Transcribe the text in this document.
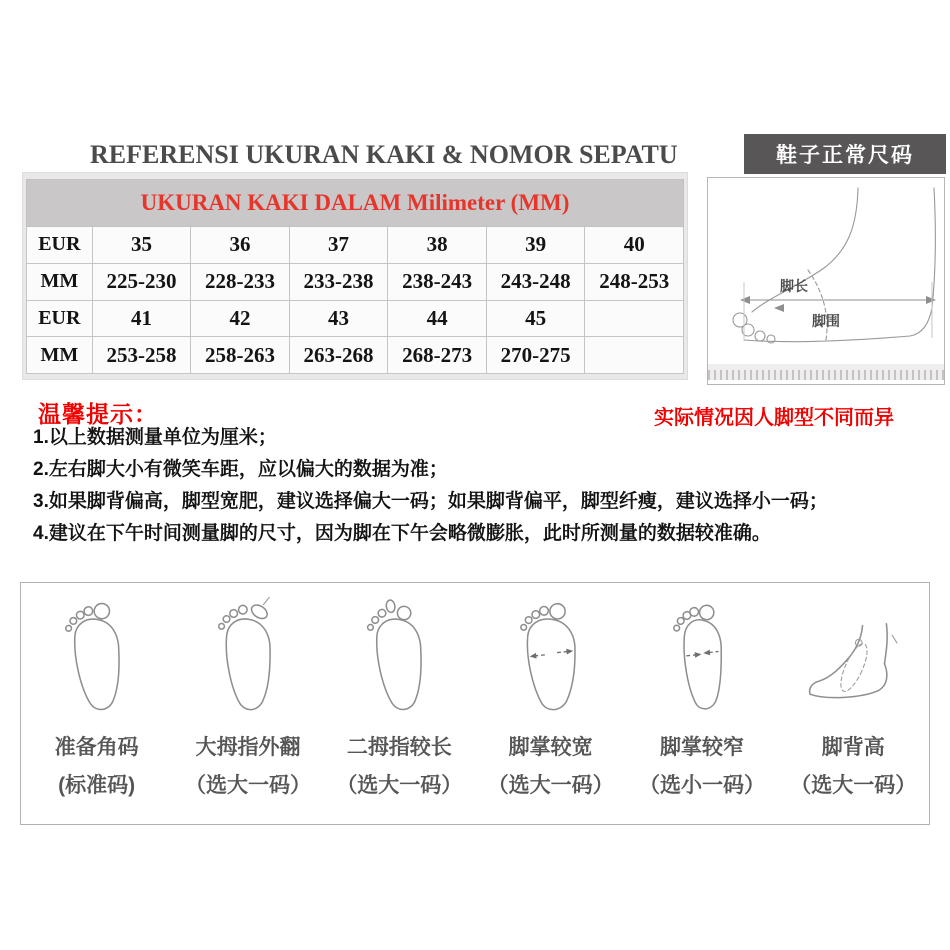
REFERENSI UKURAN KAKI & NOMOR SEPATU	鞋子正常尺码
UKURAN KAKI DALAM Milimeter (MM)						
EUR	35	36	37	38	39	40
MM	225-230	228-233	233-238	238-243	243-248	248-253
EUR	41	42	43	44	45	
MM	253-258	258-263	263-268	268-273	270-275	
脚长
脚围
温馨提示：	实际情况因人脚型不同而异
1.以上数据测量单位为厘米；
2.左右脚大小有微笑车距，应以偏大的数据为准；
3.如果脚背偏高，脚型宽肥，建议选择偏大一码；如果脚背偏平，脚型纤瘦，建议选择小一码；
4.建议在下午时间测量脚的尺寸，因为脚在下午会略微膨胀，此时所测量的数据较准确。
准备角码
(标准码)
大拇指外翻
（选大一码）
二拇指较长
（选大一码）
脚掌较宽
（选大一码）
脚掌较窄
（选小一码）
脚背高
（选大一码）
